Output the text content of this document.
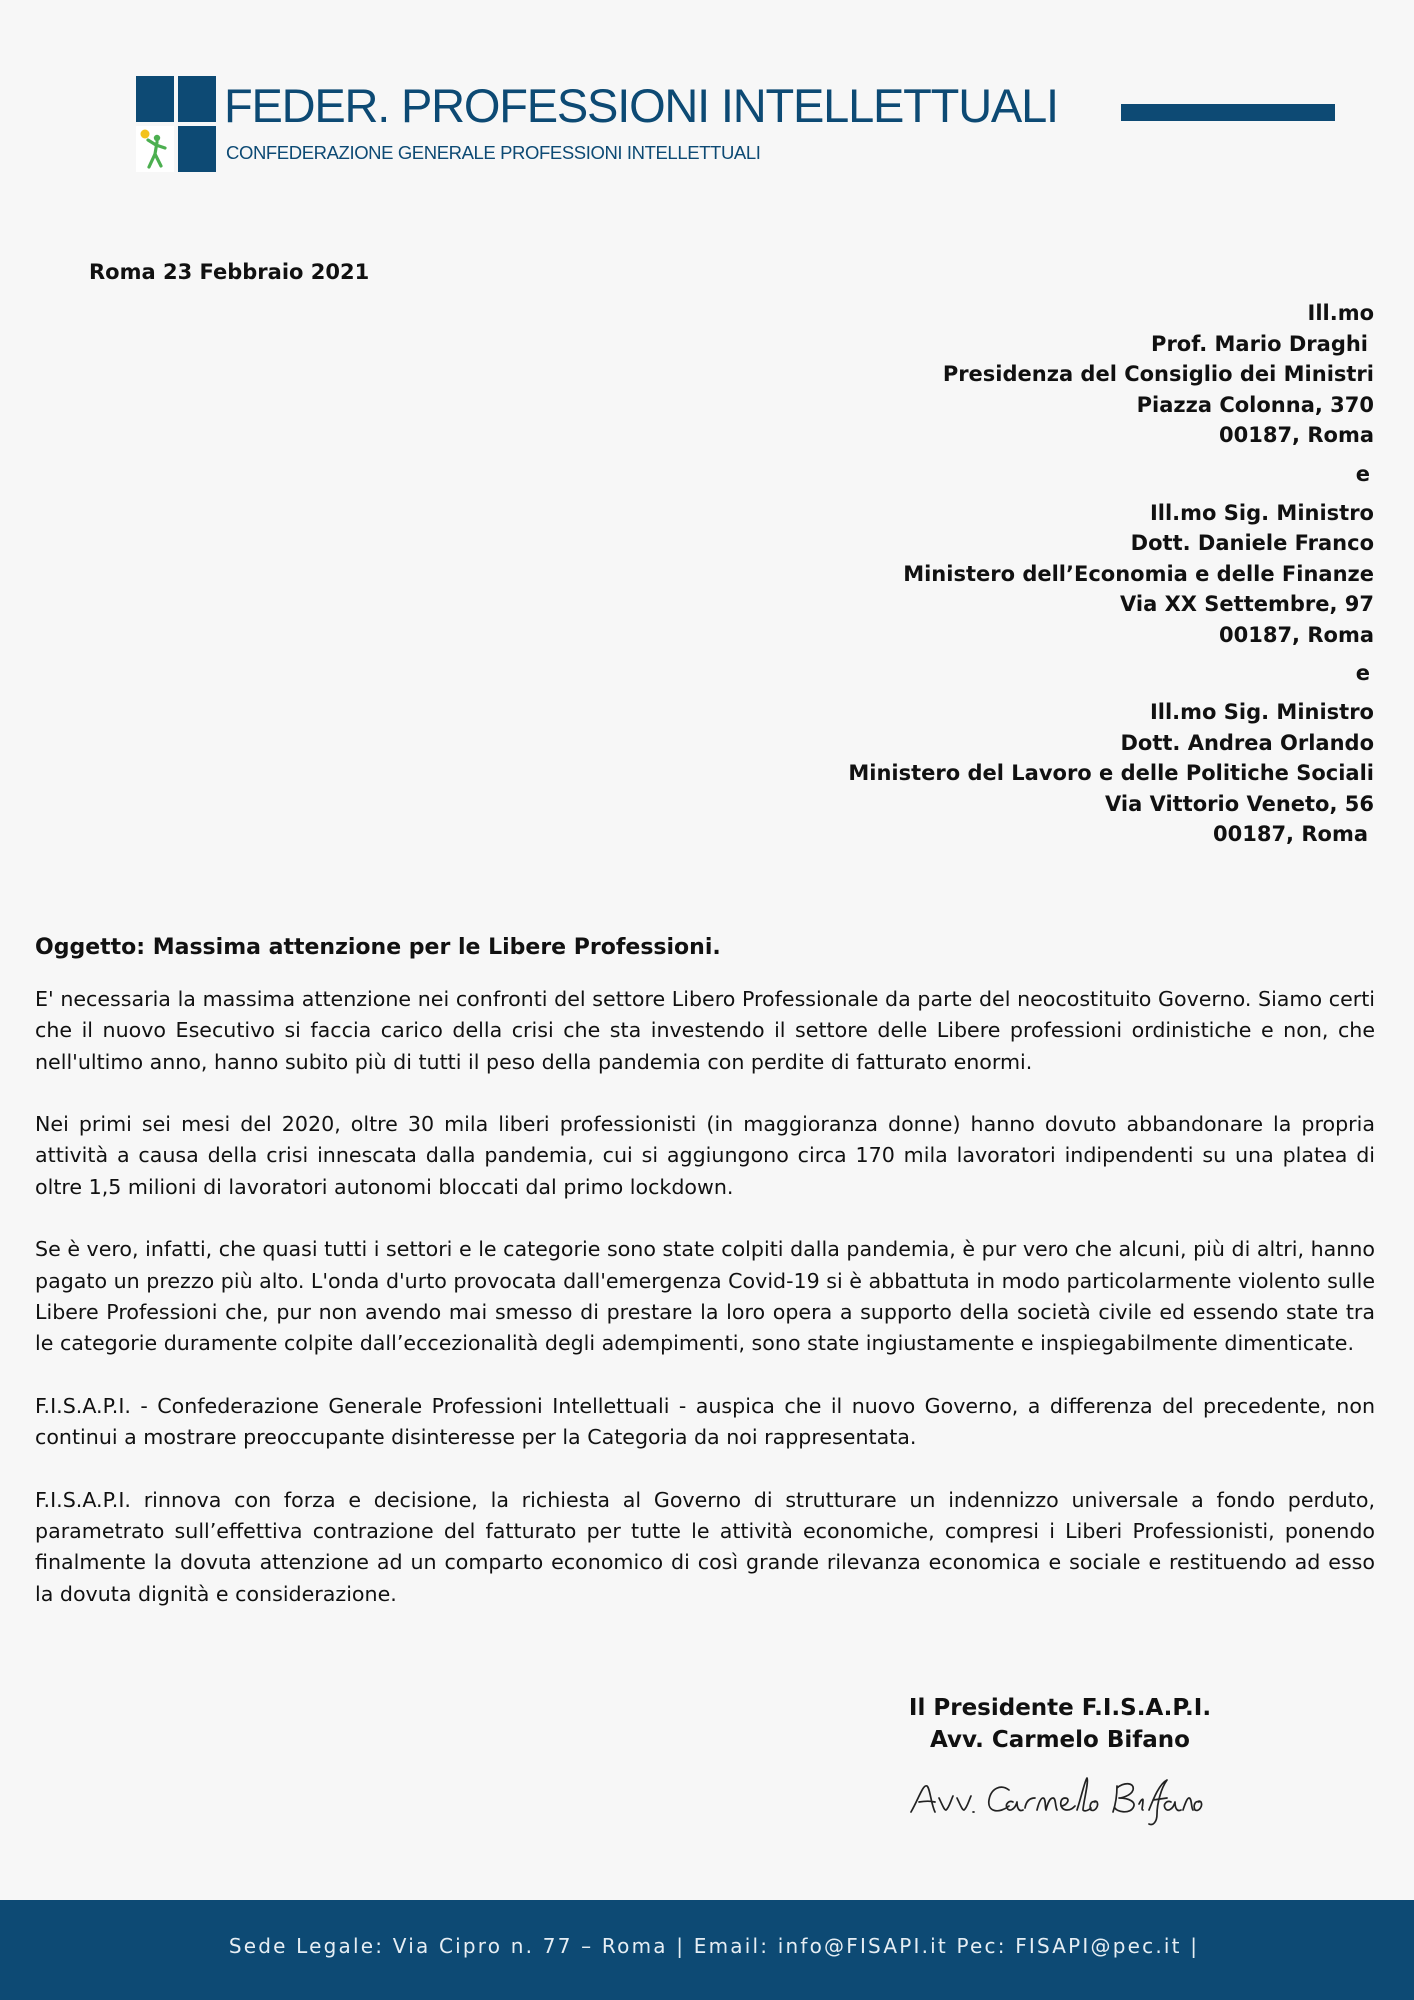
FEDER. PROFESSIONI INTELLETTUALI
CONFEDERAZIONE GENERALE PROFESSIONI INTELLETTUALI
Roma 23 Febbraio 2021
Ill.mo
Prof. Mario Draghi
Presidenza del Consiglio dei Ministri
Piazza Colonna, 370
00187, Roma
e
Ill.mo Sig. Ministro
Dott. Daniele Franco
Ministero dell’Economia e delle Finanze
Via XX Settembre, 97
00187, Roma
e
Ill.mo Sig. Ministro
Dott. Andrea Orlando
Ministero del Lavoro e delle Politiche Sociali
Via Vittorio Veneto, 56
00187, Roma
Oggetto: Massima attenzione per le Libere Professioni.

E' necessaria la massima attenzione nei confronti del settore Libero Professionale da parte del neocostituito Governo. Siamo certi che il nuovo Esecutivo si faccia carico della crisi che sta investendo il settore delle Libere professioni ordinistiche e non, che nell'ultimo anno, hanno subito più di tutti il peso della pandemia con perdite di fatturato enormi.

Nei primi sei mesi del 2020, oltre 30 mila liberi professionisti (in maggioranza donne) hanno dovuto abbandonare la propria attività a causa della crisi innescata dalla pandemia, cui si aggiungono circa 170 mila lavoratori indipendenti su una platea di oltre 1,5 milioni di lavoratori autonomi bloccati dal primo lockdown.

Se è vero, infatti, che quasi tutti i settori e le categorie sono state colpiti dalla pandemia, è pur vero che alcuni, più di altri, hanno pagato un prezzo più alto. L'onda d'urto provocata dall'emergenza Covid-19 si è abbattuta in modo particolarmente violento sulle Libere Professioni che, pur non avendo mai smesso di prestare la loro opera a supporto della società civile ed essendo state tra le categorie duramente colpite dall’eccezionalità degli adempimenti, sono state ingiustamente e inspiegabilmente dimenticate.

F.I.S.A.P.I. - Confederazione Generale Professioni Intellettuali - auspica che il nuovo Governo, a differenza del precedente, non continui a mostrare preoccupante disinteresse per la Categoria da noi rappresentata.

F.I.S.A.P.I. rinnova con forza e decisione, la richiesta al Governo di strutturare un indennizzo universale a fondo perduto, parametrato sull’effettiva contrazione del fatturato per tutte le attività economiche, compresi i Liberi Professionisti, ponendo finalmente la dovuta attenzione ad un comparto economico di così grande rilevanza economica e sociale e restituendo ad esso la dovuta dignità e considerazione.

Il Presidente F.I.S.A.P.I.
Avv. Carmelo Bifano
Sede Legale: Via Cipro n. 77 – Roma | Email: info@FISAPI.it Pec: FISAPI@pec.it |
